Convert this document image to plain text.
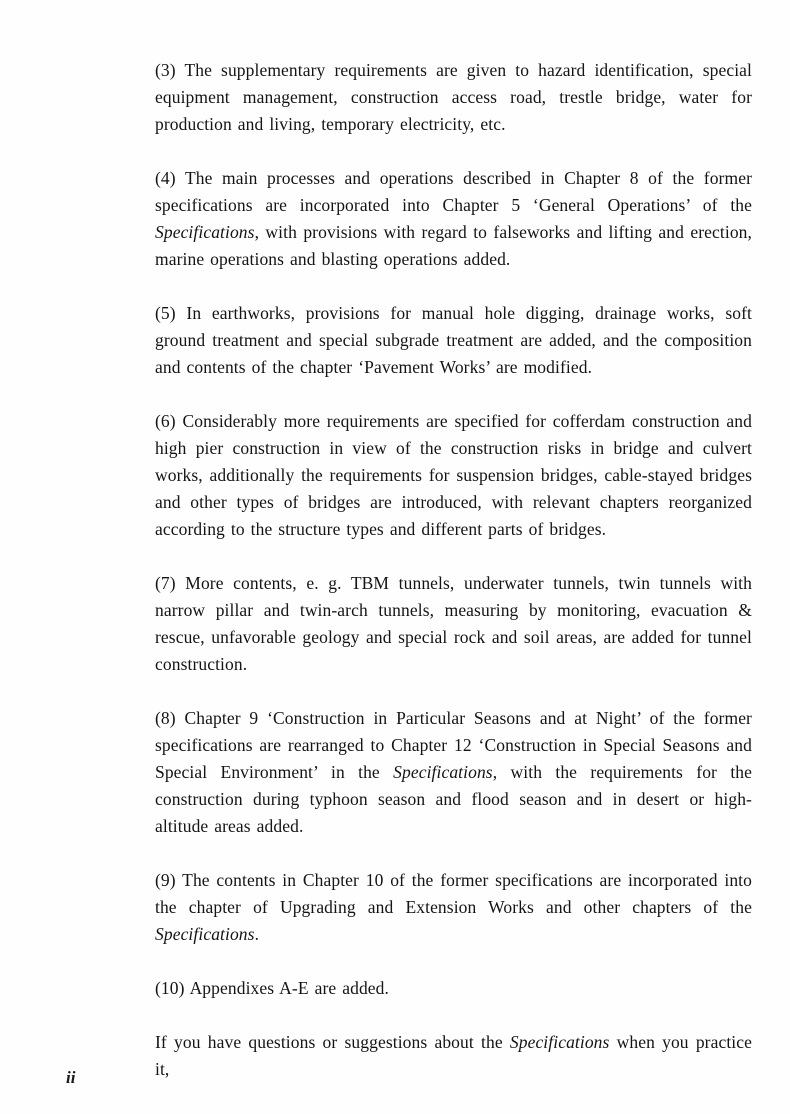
(3) The supplementary requirements are given to hazard identification, special equipment management, construction access road, trestle bridge, water for production and living, temporary electricity, etc.

(4) The main processes and operations described in Chapter 8 of the former specifications are incorporated into Chapter 5 ‘General Operations’ of the Specifications, with provisions with regard to falseworks and lifting and erection, marine operations and blasting operations added.

(5) In earthworks, provisions for manual hole digging, drainage works, soft ground treatment and special subgrade treatment are added, and the composition and contents of the chapter ‘Pavement Works’ are modified.

(6) Considerably more requirements are specified for cofferdam construction and high pier construction in view of the construction risks in bridge and culvert works, additionally the requirements for suspension bridges, cable-stayed bridges and other types of bridges are introduced, with relevant chapters reorganized according to the structure types and different parts of bridges.

(7) More contents, e. g. TBM tunnels, underwater tunnels, twin tunnels with narrow pillar and twin-arch tunnels, measuring by monitoring, evacuation & rescue, unfavorable geology and special rock and soil areas, are added for tunnel construction.

(8) Chapter 9 ‘Construction in Particular Seasons and at Night’ of the former specifications are rearranged to Chapter 12 ‘Construction in Special Seasons and Special Environment’ in the Specifications, with the requirements for the construction during typhoon season and flood season and in desert or high-altitude areas added.

(9) The contents in Chapter 10 of the former specifications are incorporated into the chapter of Upgrading and Extension Works and other chapters of the Specifications.

(10) Appendixes A-E are added.

If you have questions or suggestions about the Specifications when you practice it,

ii
